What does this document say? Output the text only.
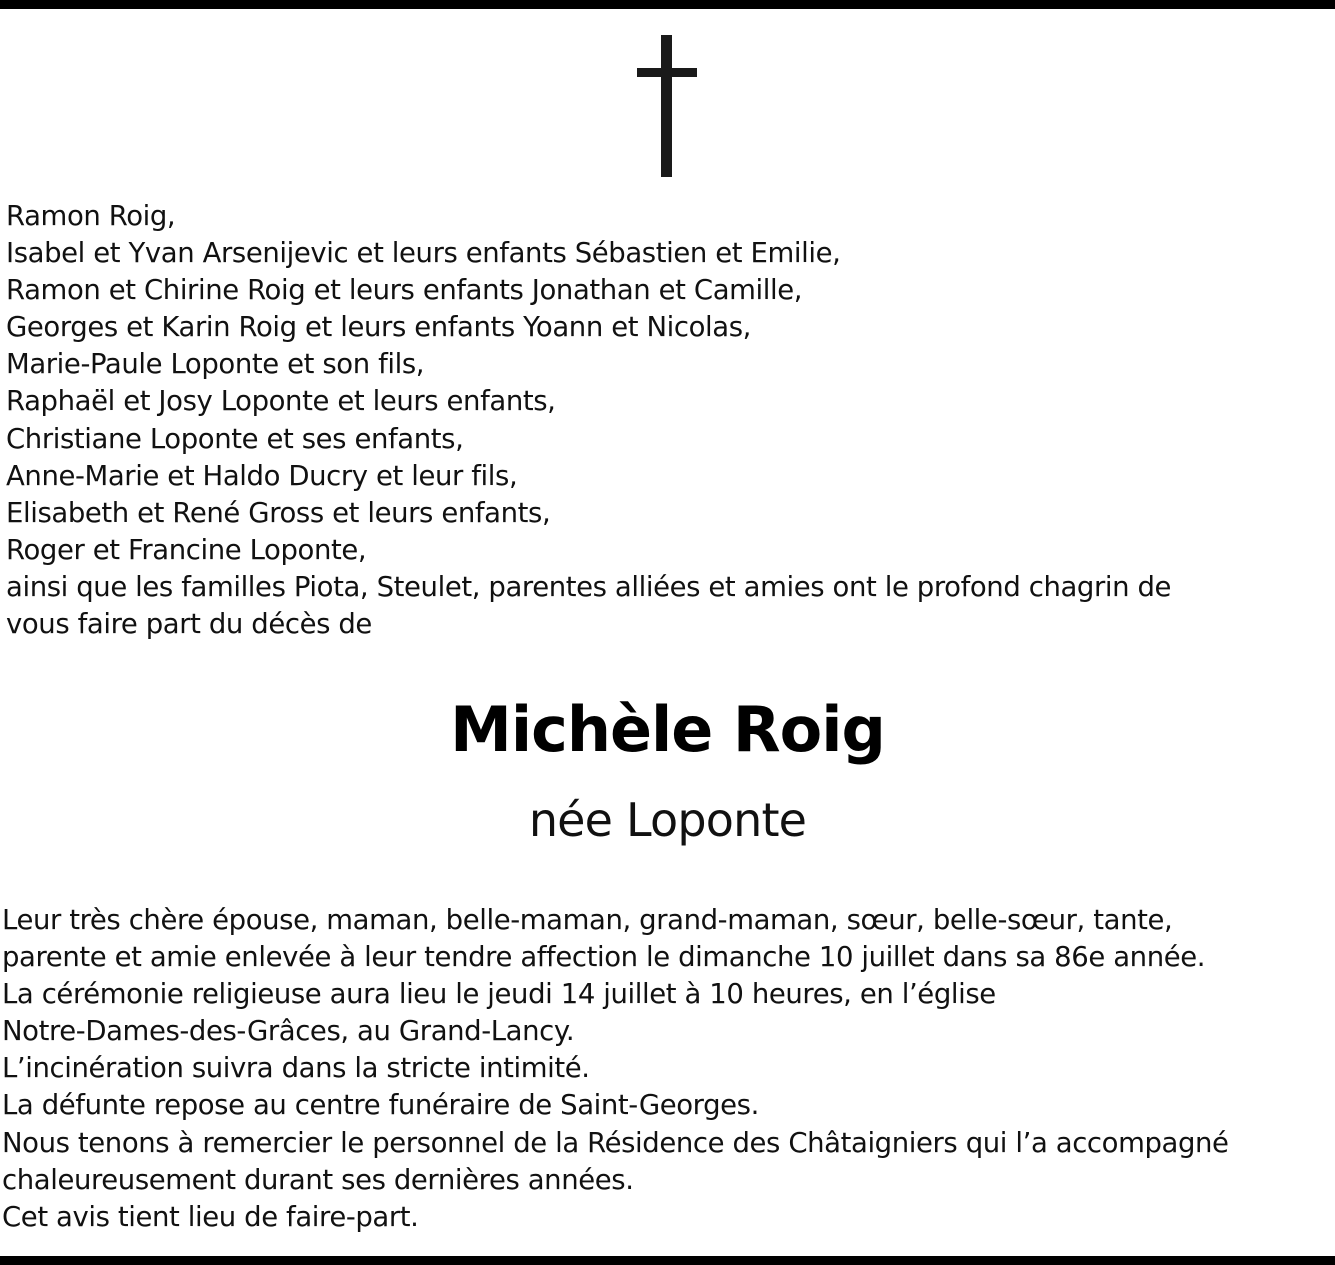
Ramon Roig,
Isabel et Yvan Arsenijevic et leurs enfants Sébastien et Emilie,
Ramon et Chirine Roig et leurs enfants Jonathan et Camille,
Georges et Karin Roig et leurs enfants Yoann et Nicolas,
Marie-Paule Loponte et son fils,
Raphaël et Josy Loponte et leurs enfants,
Christiane Loponte et ses enfants,
Anne-Marie et Haldo Ducry et leur fils,
Elisabeth et René Gross et leurs enfants,
Roger et Francine Loponte,
ainsi que les familles Piota, Steulet, parentes alliées et amies ont le profond chagrin de
vous faire part du décès de
Michèle Roig
née Loponte
Leur très chère épouse, maman, belle-maman, grand-maman, sœur, belle-sœur, tante,
parente et amie enlevée à leur tendre affection le dimanche 10 juillet dans sa 86e année.
La cérémonie religieuse aura lieu le jeudi 14 juillet à 10 heures, en l’église
Notre-Dames-des-Grâces, au Grand-Lancy.
L’incinération suivra dans la stricte intimité.
La défunte repose au centre funéraire de Saint-Georges.
Nous tenons à remercier le personnel de la Résidence des Châtaigniers qui l’a accompagné
chaleureusement durant ses dernières années.
Cet avis tient lieu de faire-part.
